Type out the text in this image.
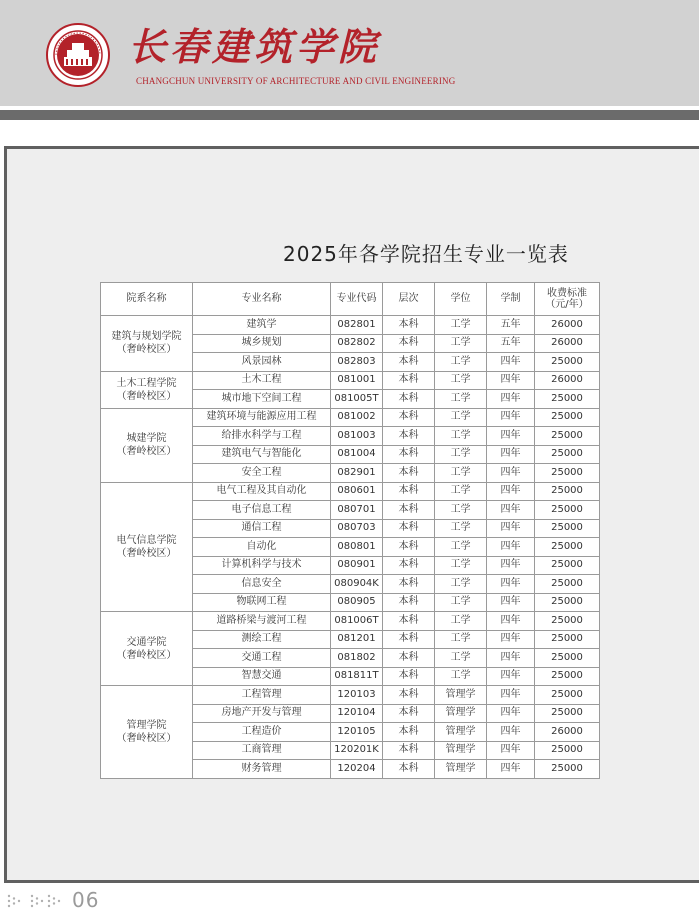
长春建筑学院
CHANGCHUN UNIVERSITY OF ARCHITECTURE AND CIVIL ENGINEERING
2025年各学院招生专业一览表
院系名称	专业名称	专业代码	层次	学位	学制	收费标准
（元/年）
建筑与规划学院
（奢岭校区）	建筑学	082801	本科	工学	五年	26000
	城乡规划	082802	本科	工学	五年	26000
	风景园林	082803	本科	工学	四年	25000
土木工程学院
（奢岭校区）	土木工程	081001	本科	工学	四年	26000
	城市地下空间工程	081005T	本科	工学	四年	25000
城建学院
（奢岭校区）	建筑环境与能源应用工程	081002	本科	工学	四年	25000
	给排水科学与工程	081003	本科	工学	四年	25000
	建筑电气与智能化	081004	本科	工学	四年	25000
	安全工程	082901	本科	工学	四年	25000
电气信息学院
（奢岭校区）	电气工程及其自动化	080601	本科	工学	四年	25000
	电子信息工程	080701	本科	工学	四年	25000
	通信工程	080703	本科	工学	四年	25000
	自动化	080801	本科	工学	四年	25000
	计算机科学与技术	080901	本科	工学	四年	25000
	信息安全	080904K	本科	工学	四年	25000
	物联网工程	080905	本科	工学	四年	25000
交通学院
（奢岭校区）	道路桥梁与渡河工程	081006T	本科	工学	四年	25000
	测绘工程	081201	本科	工学	四年	25000
	交通工程	081802	本科	工学	四年	25000
	智慧交通	081811T	本科	工学	四年	25000
管理学院
（奢岭校区）	工程管理	120103	本科	管理学	四年	25000
	房地产开发与管理	120104	本科	管理学	四年	25000
	工程造价	120105	本科	管理学	四年	26000
	工商管理	120201K	本科	管理学	四年	25000
	财务管理	120204	本科	管理学	四年	25000
06
